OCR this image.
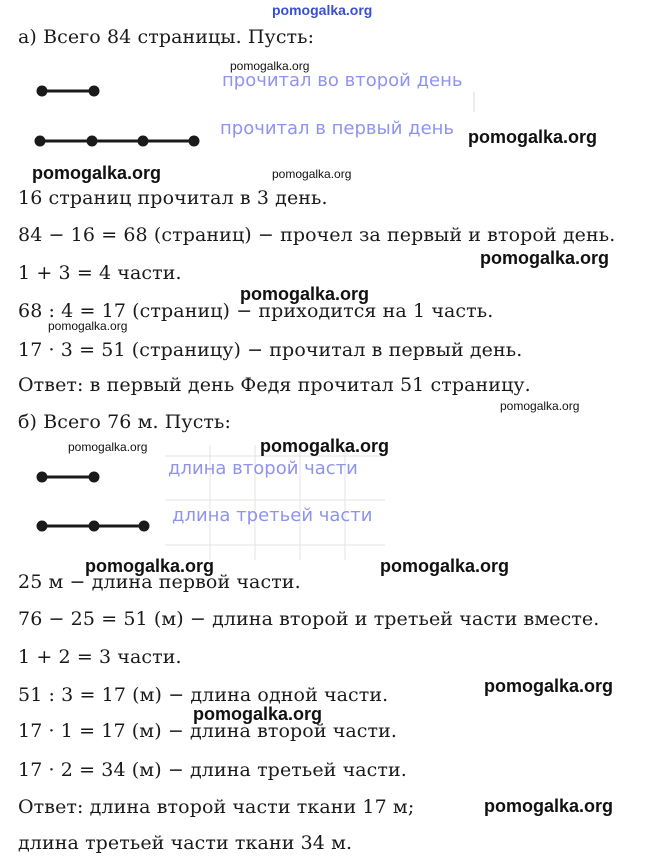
pomogalka.org
а) Всего 84 страницы. Пусть:
прочитал во второй день
прочитал в первый день
16 страниц прочитал в 3 день.
84 − 16 = 68 (страниц) − прочел за первый и второй день.
1 + 3 = 4 части.
68 : 4 = 17 (страниц) − приходится на 1 часть.
17 · 3 = 51 (страницу) − прочитал в первый день.
Ответ: в первый день Федя прочитал 51 страницу.
б) Всего 76 м. Пусть:
длина второй части
длина третьей части
25 м − длина первой части.
76 − 25 = 51 (м) − длина второй и третьей части вместе.
1 + 2 = 3 части.
51 : 3 = 17 (м) − длина одной части.
17 · 1 = 17 (м) − длина второй части.
17 · 2 = 34 (м) − длина третьей части.
Ответ: длина второй части ткани 17 м;
длина третьей части ткани 34 м.
pomogalka.org
pomogalka.org
pomogalka.org	pomogalka.org
pomogalka.org
pomogalka.org
pomogalka.org
pomogalka.org
pomogalka.org	pomogalka.org
pomogalka.org	pomogalka.org
pomogalka.org
pomogalka.org
pomogalka.org
